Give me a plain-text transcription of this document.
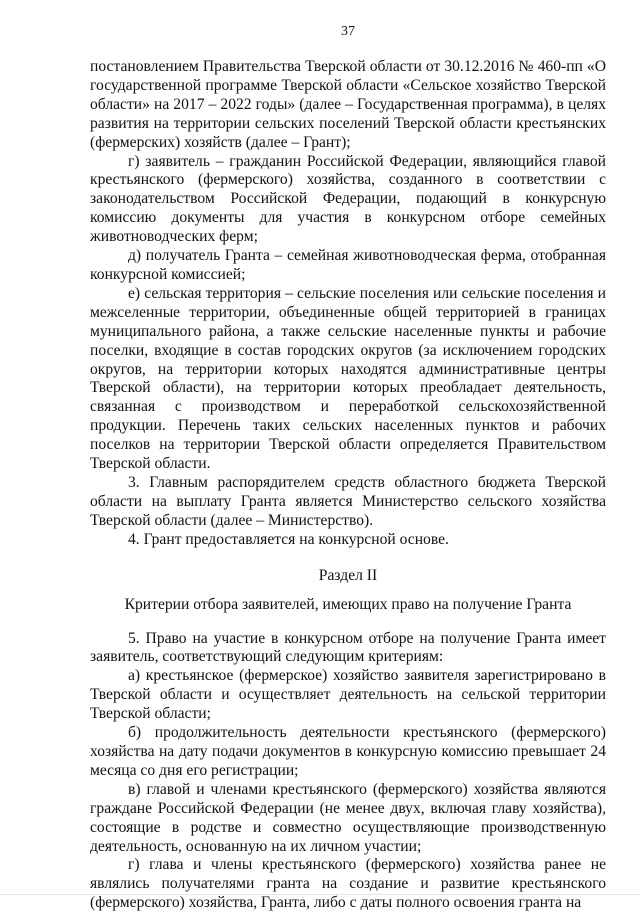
37

постановлением Правительства Тверской области от 30.12.2016 № 460-пп «О государственной программе Тверской области «Сельское хозяйство Тверской области» на 2017 – 2022 годы» (далее – Государственная программа), в целях развития на территории сельских поселений Тверской области крестьянских (фермерских) хозяйств (далее – Грант);

г) заявитель – гражданин Российской Федерации, являющийся главой крестьянского (фермерского) хозяйства, созданного в соответствии с законодательством Российской Федерации, подающий в конкурсную комиссию документы для участия в конкурсном отборе семейных животноводческих ферм;

д) получатель Гранта – семейная животноводческая ферма, отобранная конкурсной комиссией;

е) сельская территория – сельские поселения или сельские поселения и межселенные территории, объединенные общей территорией в границах муниципального района, а также сельские населенные пункты и рабочие поселки, входящие в состав городских округов (за исключением городских округов, на территории которых находятся административные центры Тверской области), на территории которых преобладает деятельность, связанная с производством и переработкой сельскохозяйственной продукции. Перечень таких сельских населенных пунктов и рабочих поселков на территории Тверской области определяется Правительством Тверской области.

3. Главным распорядителем средств областного бюджета Тверской области на выплату Гранта является Министерство сельского хозяйства Тверской области (далее – Министерство).

4. Грант предоставляется на конкурсной основе.

Раздел II
Критерии отбора заявителей, имеющих право на получение Гранта

5. Право на участие в конкурсном отборе на получение Гранта имеет заявитель, соответствующий следующим критериям:

а) крестьянское (фермерское) хозяйство заявителя зарегистрировано в Тверской области и осуществляет деятельность на сельской территории Тверской области;

б) продолжительность деятельности крестьянского (фермерского) хозяйства на дату подачи документов в конкурсную комиссию превышает 24 месяца со дня его регистрации;

в) главой и членами крестьянского (фермерского) хозяйства являются граждане Российской Федерации (не менее двух, включая главу хозяйства), состоящие в родстве и совместно осуществляющие производственную деятельность, основанную на их личном участии;

г) глава и члены крестьянского (фермерского) хозяйства ранее не являлись получателями гранта на создание и развитие крестьянского (фермерского) хозяйства, Гранта, либо с даты полного освоения гранта на
